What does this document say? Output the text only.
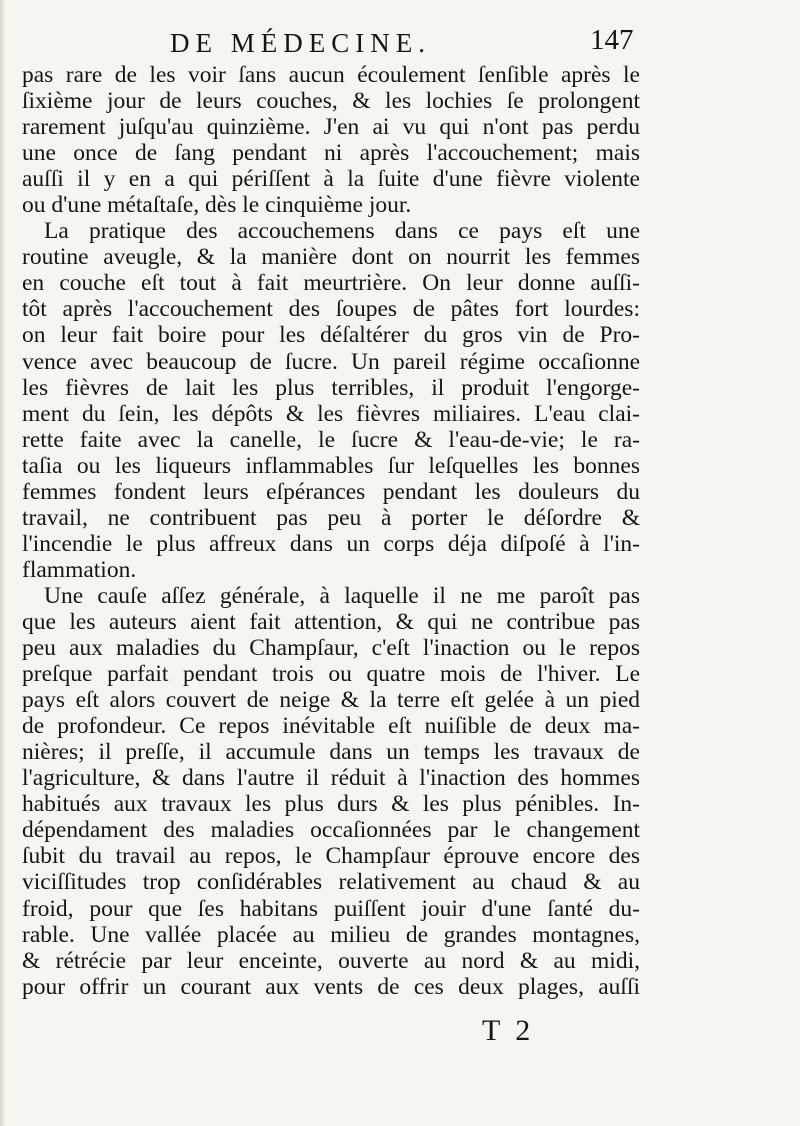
DE MÉDECINE.	147
pas rare de les voir ſans aucun écoulement ſenſible après le
ſixième jour de leurs couches, & les lochies ſe prolongent
rarement juſqu'au quinzième. J'en ai vu qui n'ont pas perdu
une once de ſang pendant ni après l'accouchement; mais
auſſi il y en a qui périſſent à la ſuite d'une fièvre violente
ou d'une métaſtaſe, dès le cinquième jour.
La pratique des accouchemens dans ce pays eſt une
routine aveugle, & la manière dont on nourrit les femmes
en couche eſt tout à fait meurtrière. On leur donne auſſi-
tôt après l'accouchement des ſoupes de pâtes fort lourdes:
on leur fait boire pour les déſaltérer du gros vin de Pro-
vence avec beaucoup de ſucre. Un pareil régime occaſionne
les fièvres de lait les plus terribles, il produit l'engorge-
ment du ſein, les dépôts & les fièvres miliaires. L'eau clai-
rette faite avec la canelle, le ſucre & l'eau-de-vie; le ra-
taſia ou les liqueurs inflammables ſur leſquelles les bonnes
femmes fondent leurs eſpérances pendant les douleurs du
travail, ne contribuent pas peu à porter le déſordre &
l'incendie le plus affreux dans un corps déja diſpoſé à l'in-
flammation.
Une cauſe aſſez générale, à laquelle il ne me paroît pas
que les auteurs aient fait attention, & qui ne contribue pas
peu aux maladies du Champſaur, c'eſt l'inaction ou le repos
preſque parfait pendant trois ou quatre mois de l'hiver. Le
pays eſt alors couvert de neige & la terre eſt gelée à un pied
de profondeur. Ce repos inévitable eſt nuiſible de deux ma-
nières; il preſſe, il accumule dans un temps les travaux de
l'agriculture, & dans l'autre il réduit à l'inaction des hommes
habitués aux travaux les plus durs & les plus pénibles. In-
dépendament des maladies occaſionnées par le changement
ſubit du travail au repos, le Champſaur éprouve encore des
viciſſitudes trop conſidérables relativement au chaud & au
froid, pour que ſes habitans puiſſent jouir d'une ſanté du-
rable. Une vallée placée au milieu de grandes montagnes,
& rétrécie par leur enceinte, ouverte au nord & au midi,
pour offrir un courant aux vents de ces deux plages, auſſi
T 2
